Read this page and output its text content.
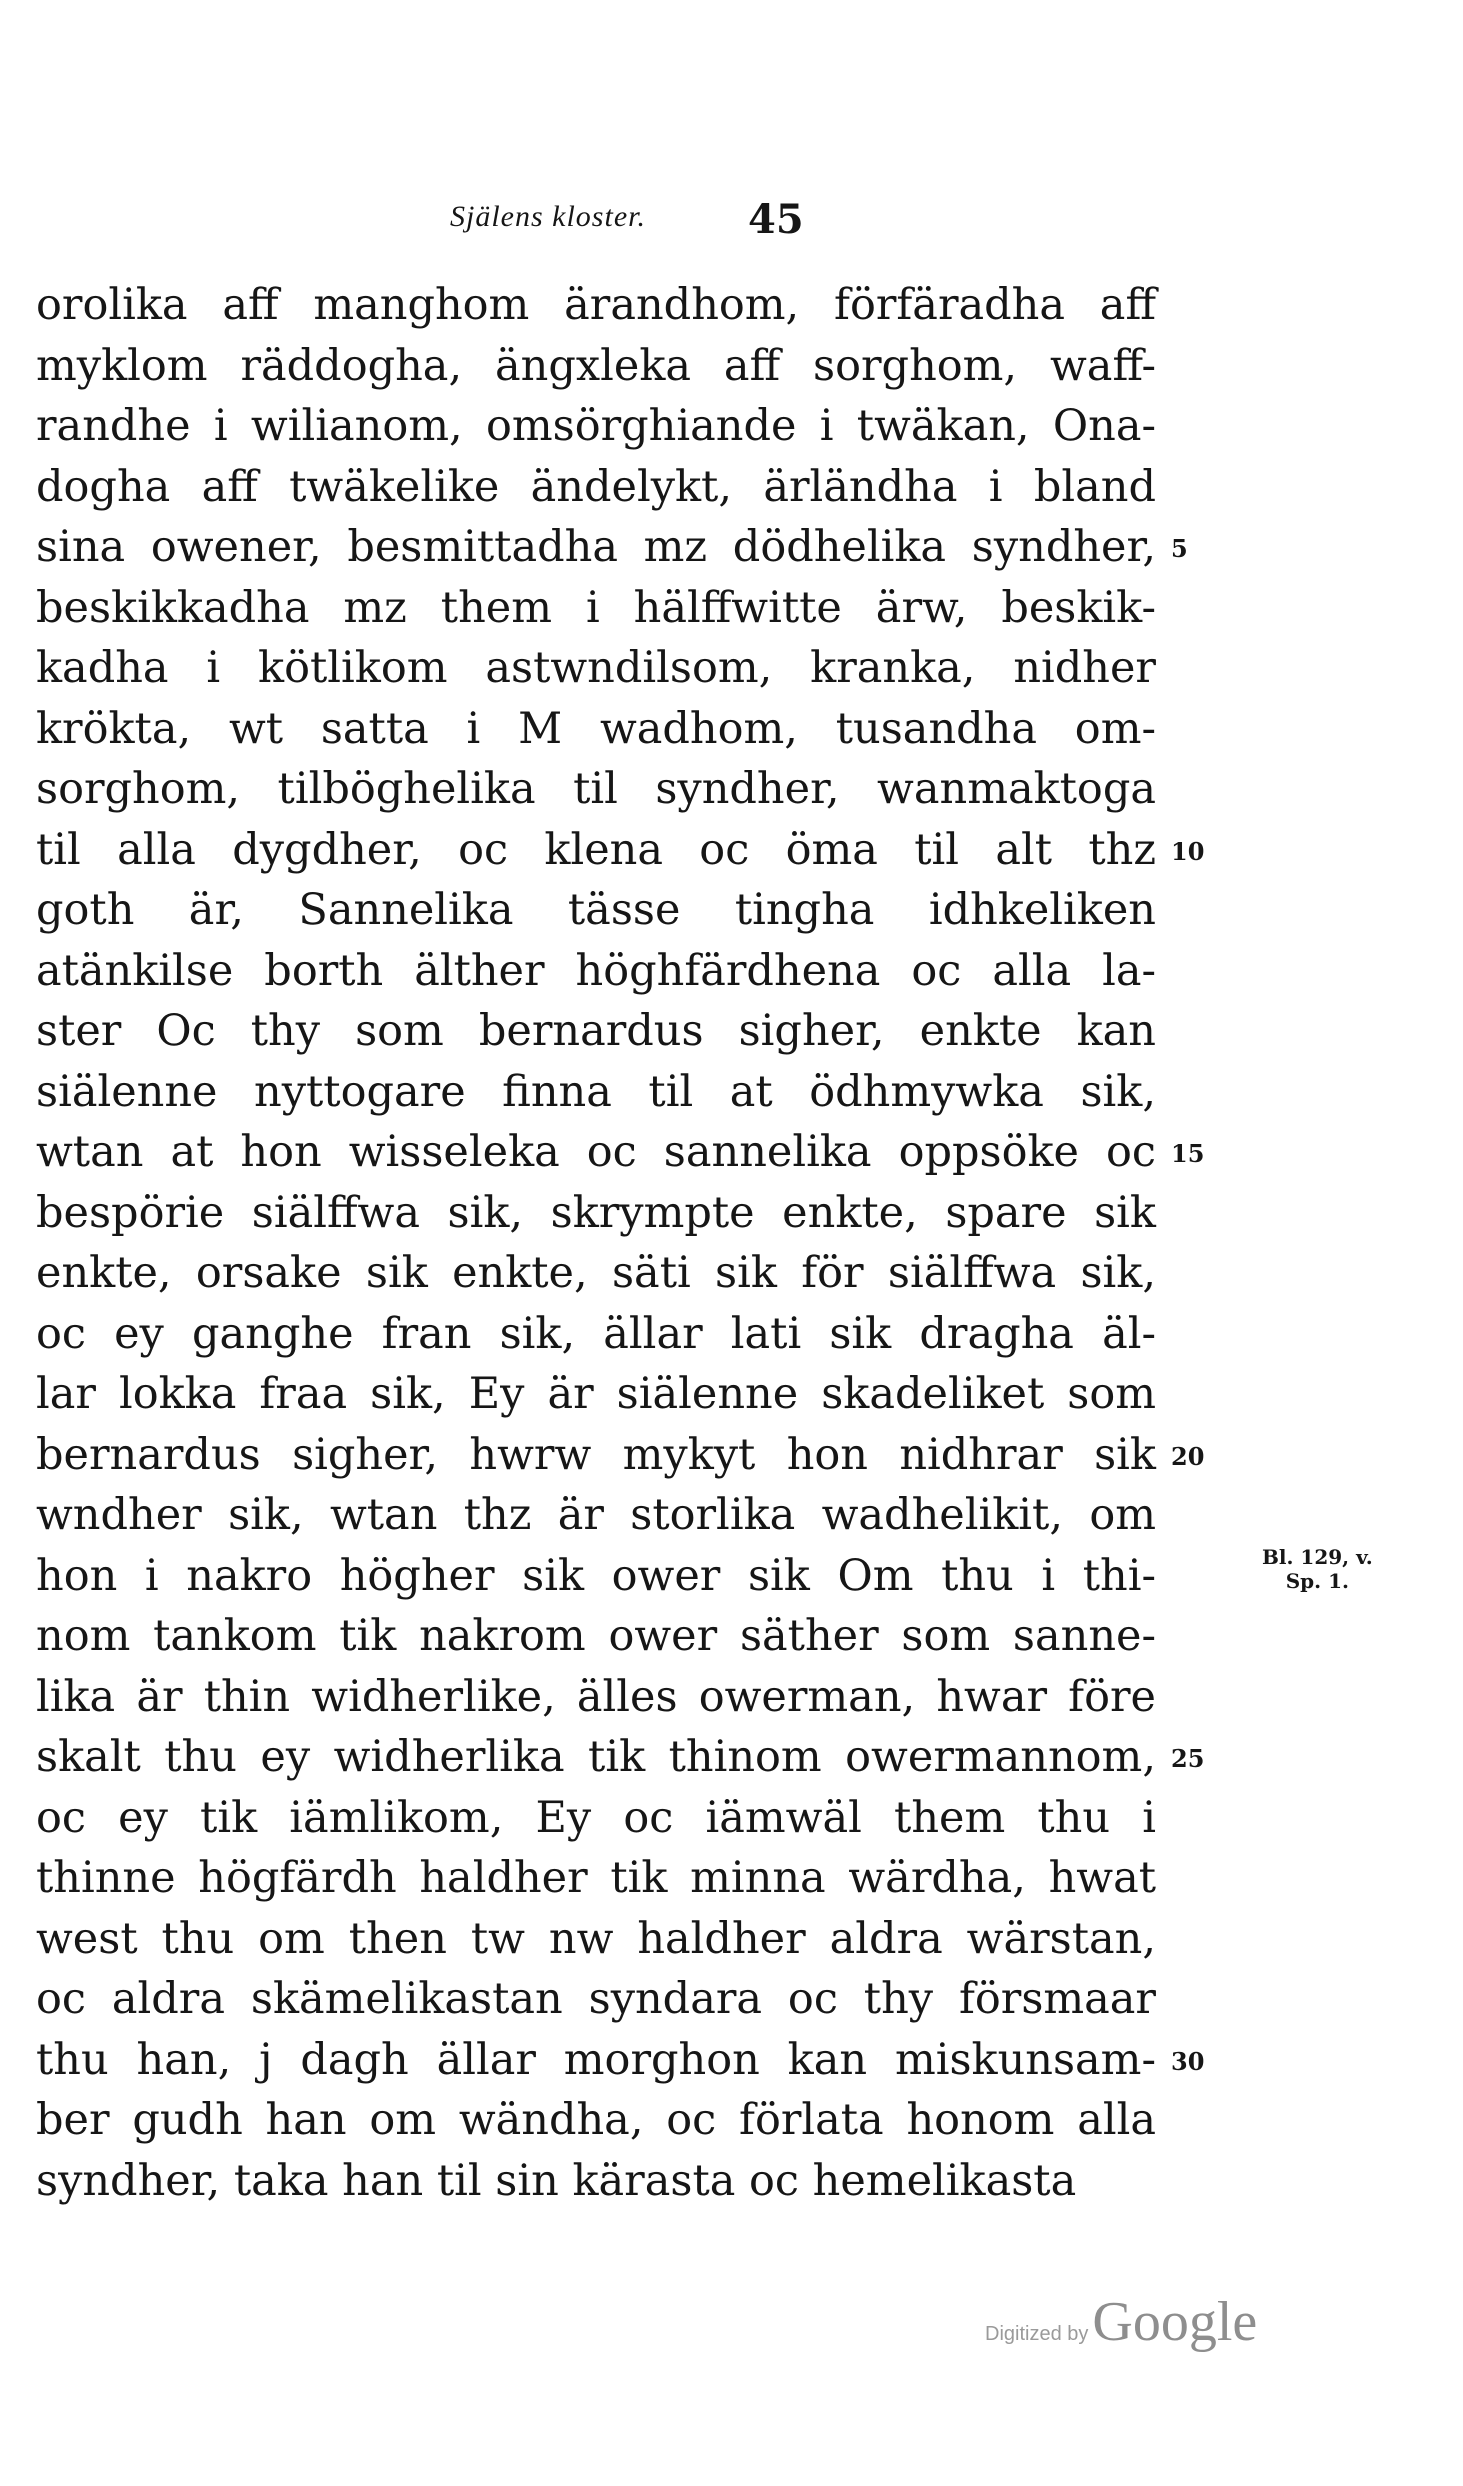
Själens kloster.	45
orolika aff manghom ärandhom, förfäradha aff
myklom räddogha, ängxleka aff sorghom, waff-
randhe i wilianom, omsörghiande i twäkan, Ona-
dogha aff twäkelike ändelykt, ärländha i bland
sina owener, besmittadha mz dödhelika syndher, 5
beskikkadha mz them i hälffwitte ärw, beskik-
kadha i kötlikom astwndilsom, kranka, nidher
krökta, wt satta i M wadhom, tusandha om-
sorghom, tilböghelika til syndher, wanmaktoga
til alla dygdher, oc klena oc öma til alt thz 10
goth är, Sannelika tässe tingha idhkeliken
atänkilse borth älther höghfärdhena oc alla la-
ster Oc thy som bernardus sigher, enkte kan
siälenne nyttogare finna til at ödhmywka sik,
wtan at hon wisseleka oc sannelika oppsöke oc 15
bespörie siälffwa sik, skrympte enkte, spare sik
enkte, orsake sik enkte, säti sik för siälffwa sik,
oc ey ganghe fran sik, ällar lati sik dragha äl-
lar lokka fraa sik, Ey är siälenne skadeliket som
bernardus sigher, hwrw mykyt hon nidhrar sik 20
wndher sik, wtan thz är storlika wadhelikit, om
hon i nakro högher sik ower sik Om thu i thi-
nom tankom tik nakrom ower säther som sanne-
lika är thin widherlike, älles owerman, hwar före
skalt thu ey widherlika tik thinom owermannom, 25
oc ey tik iämlikom, Ey oc iämwäl them thu i
thinne högfärdh haldher tik minna wärdha, hwat
west thu om then tw nw haldher aldra wärstan,
oc aldra skämelikastan syndara oc thy försmaar
thu han, j dagh ällar morghon kan miskunsam- 30
ber gudh han om wändha, oc förlata honom alla
syndher, taka han til sin kärasta oc hemelikasta
Bl. 129, v.
Sp. 1.
Digitized by Google
